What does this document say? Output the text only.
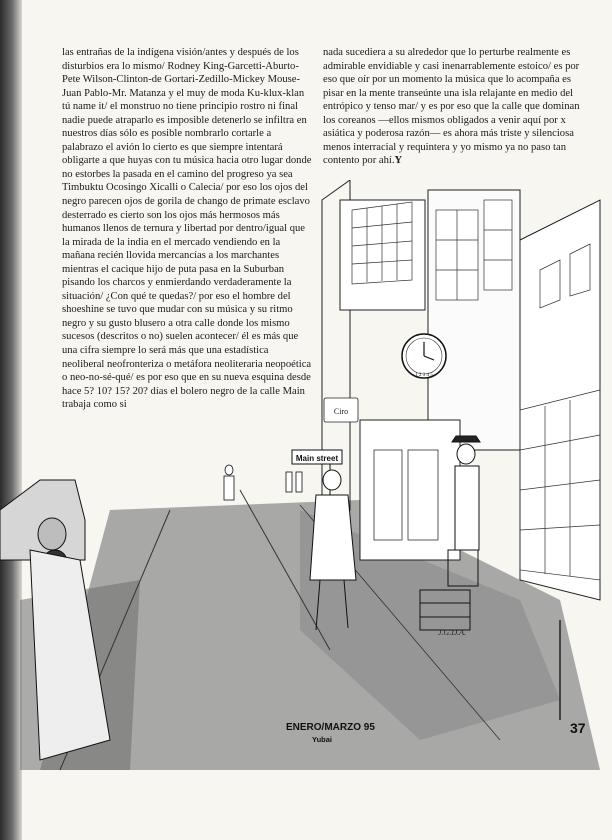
las entrañas de la indígena visión/antes y después de los disturbios era lo mismo/ Rodney King-Garcetti-Aburto-Pete Wilson-Clinton-de Gortari-Zedillo-Mickey Mouse-Juan Pablo-Mr. Matanza y el muy de moda Ku-klux-klan tú name it/ el monstruo no tiene principio rostro ni final nadie puede atraparlo es imposible detenerlo se infiltra en nuestros días sólo es posible nombrarlo cortarle a palabrazo el avión lo cierto es que siempre intentará obligarte a que huyas con tu música hacia otro lugar donde no estorbes la pasada en el camino del progreso ya sea Timbuktu Ocosingo Xicalli o Calecia/ por eso los ojos del negro parecen ojos de gorila de chango de primate esclavo desterrado es cierto son los ojos más hermosos más humanos llenos de ternura y libertad por dentro/igual que la mirada de la india en el mercado vendiendo en la mañana recién llovida mercancías a los marchantes mientras el cacique hijo de puta pasa en la Suburban pisando los charcos y enmierdando verdaderamente la situación/ ¿Con qué te quedas?/ por eso el hombre del shoeshine se tuvo que mudar con su música y su ritmo negro y su gusto blusero a otra calle donde los mismo sucesos (descritos o no) suelen acontecer/ él es más que una cifra siempre lo será más que una estadística neoliberal neofronteriza o metáfora neoliteraria neopoética o neo-no-sé-qué/ es por eso que en su nueva esquina desde hace 5? 10? 15? 20? días el bolero negro de la calle Main trabaja como si

nada sucediera a su alrededor que lo perturbe realmente es admirable envidiable y casi inenarrablemente estoico/ es por eso que oír por un momento la música que lo acompaña es pisar en la mente transeúnte una isla relajante en medio del entrópico y tenso mar/ y es por eso que la calle que dominan los coreanos —ellos mismos obligados a venir aquí por x asiática y poderosa razón— es ahora más triste y silenciosa menos interracial y requintera y yo mismo ya no paso tan contento por ahí.Y

1 2 3 4 5
Ciro
Main street
J.G.D.A.
ENERO/MARZO 95
Yubai
37
